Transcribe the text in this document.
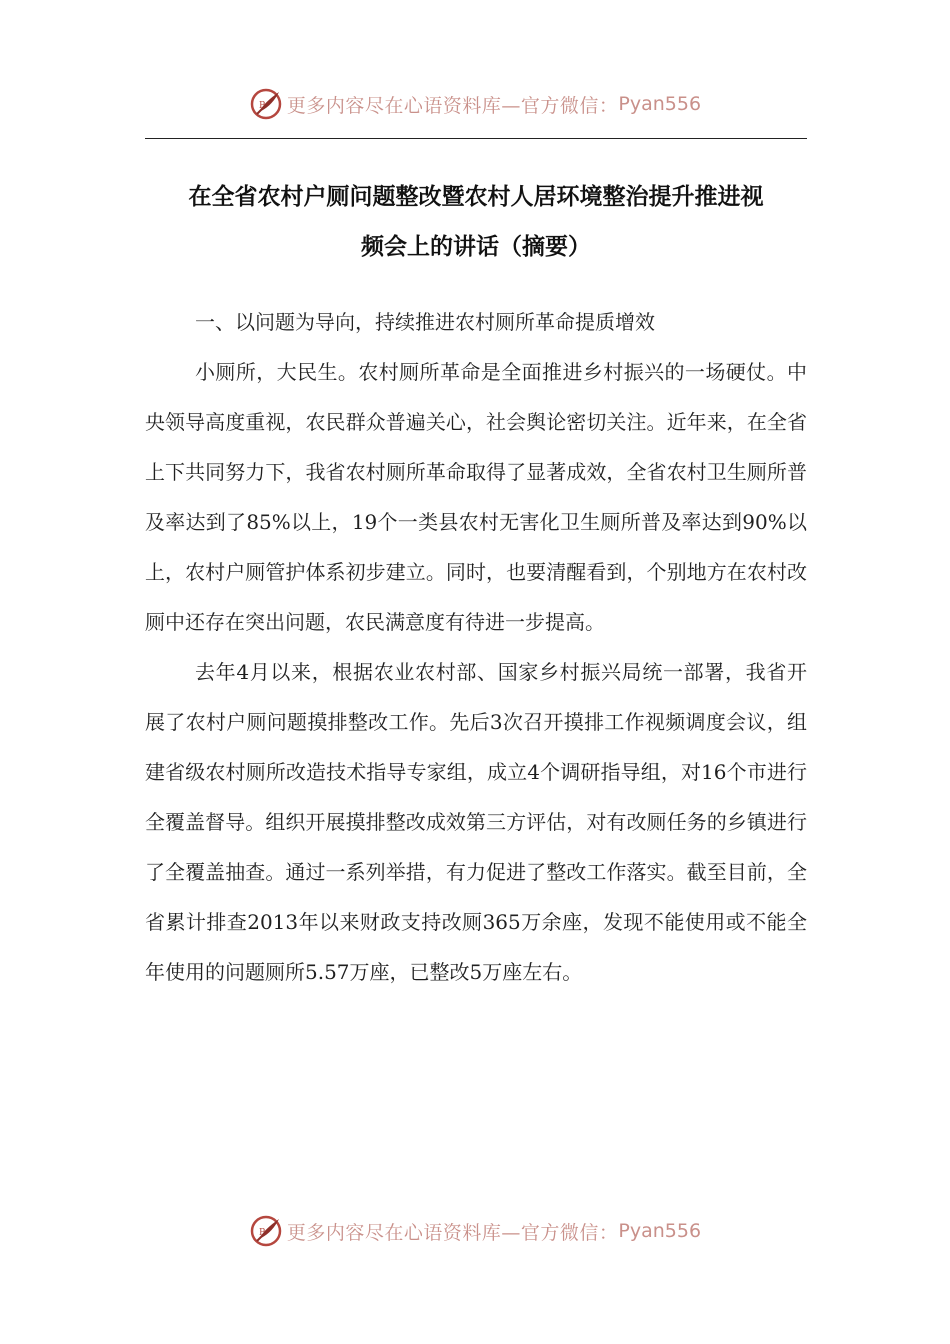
P 更多内容尽在心语资料库—官方微信： Pyan556
在全省农村户厕问题整改暨农村人居环境整治提升推进视
频会上的讲话（摘要）

一、以问题为导向，持续推进农村厕所革命提质增效

小厕所，大民生。农村厕所革命是全面推进乡村振兴的一场硬仗。中央领导高度重视，农民群众普遍关心，社会舆论密切关注。近年来，在全省上下共同努力下，我省农村厕所革命取得了显著成效，全省农村卫生厕所普及率达到了85%以上，19个一类县农村无害化卫生厕所普及率达到90%以上，农村户厕管护体系初步建立。同时，也要清醒看到，个别地方在农村改厕中还存在突出问题，农民满意度有待进一步提高。

去年4月以来，根据农业农村部、国家乡村振兴局统一部署，我省开展了农村户厕问题摸排整改工作。先后3次召开摸排工作视频调度会议，组建省级农村厕所改造技术指导专家组，成立4个调研指导组，对16个市进行全覆盖督导。组织开展摸排整改成效第三方评估，对有改厕任务的乡镇进行了全覆盖抽查。通过一系列举措，有力促进了整改工作落实。截至目前，全省累计排查2013年以来财政支持改厕365万余座，发现不能使用或不能全年使用的问题厕所5.57万座，已整改5万座左右。

P 更多内容尽在心语资料库—官方微信： Pyan556
